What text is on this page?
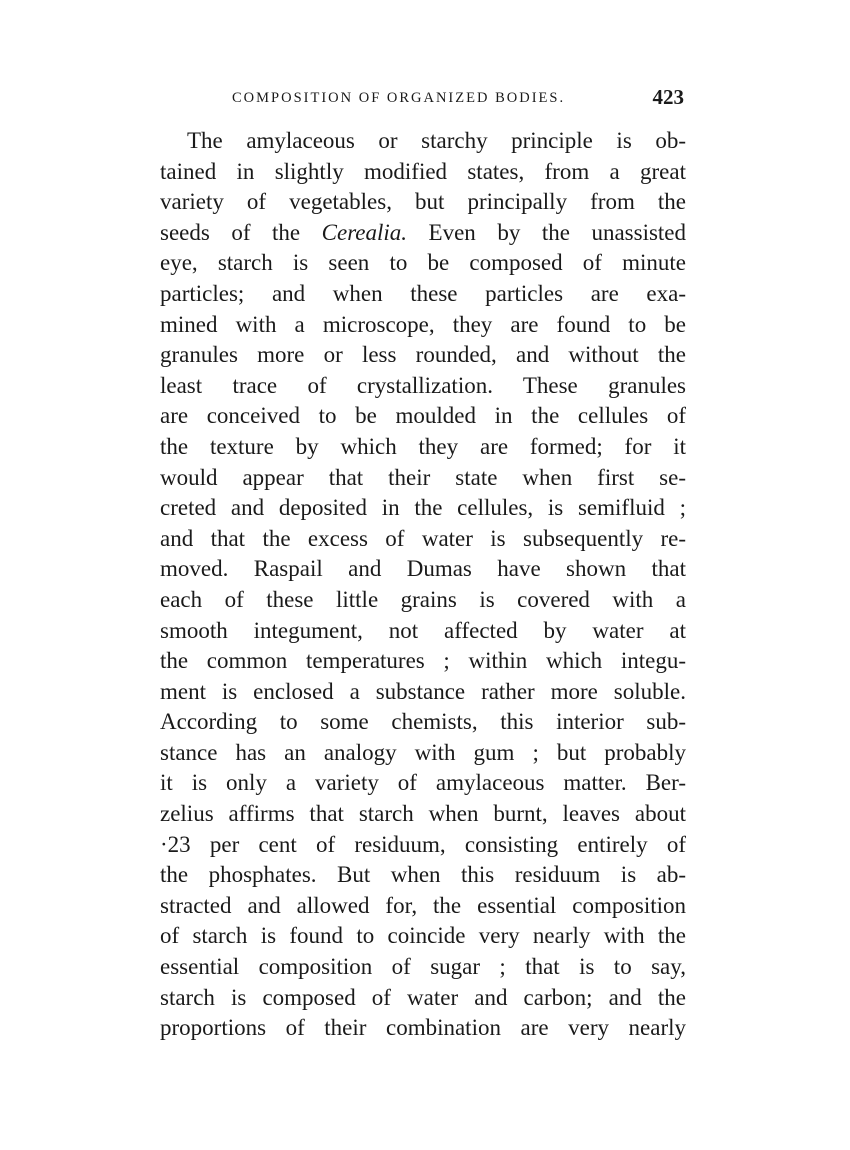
COMPOSITION OF ORGANIZED BODIES.	423
The amylaceous or starchy principle is ob-
tained in slightly modified states, from a great
variety of vegetables, but principally from the
seeds of the Cerealia. Even by the unassisted
eye, starch is seen to be composed of minute
particles; and when these particles are exa-
mined with a microscope, they are found to be
granules more or less rounded, and without the
least trace of crystallization. These granules
are conceived to be moulded in the cellules of
the texture by which they are formed; for it
would appear that their state when first se-
creted and deposited in the cellules, is semifluid ;
and that the excess of water is subsequently re-
moved. Raspail and Dumas have shown that
each of these little grains is covered with a
smooth integument, not affected by water at
the common temperatures ; within which integu-
ment is enclosed a substance rather more soluble.
According to some chemists, this interior sub-
stance has an analogy with gum ; but probably
it is only a variety of amylaceous matter. Ber-
zelius affirms that starch when burnt, leaves about
·23 per cent of residuum, consisting entirely of
the phosphates. But when this residuum is ab-
stracted and allowed for, the essential composition
of starch is found to coincide very nearly with the
essential composition of sugar ; that is to say,
starch is composed of water and carbon; and the
proportions of their combination are very nearly
